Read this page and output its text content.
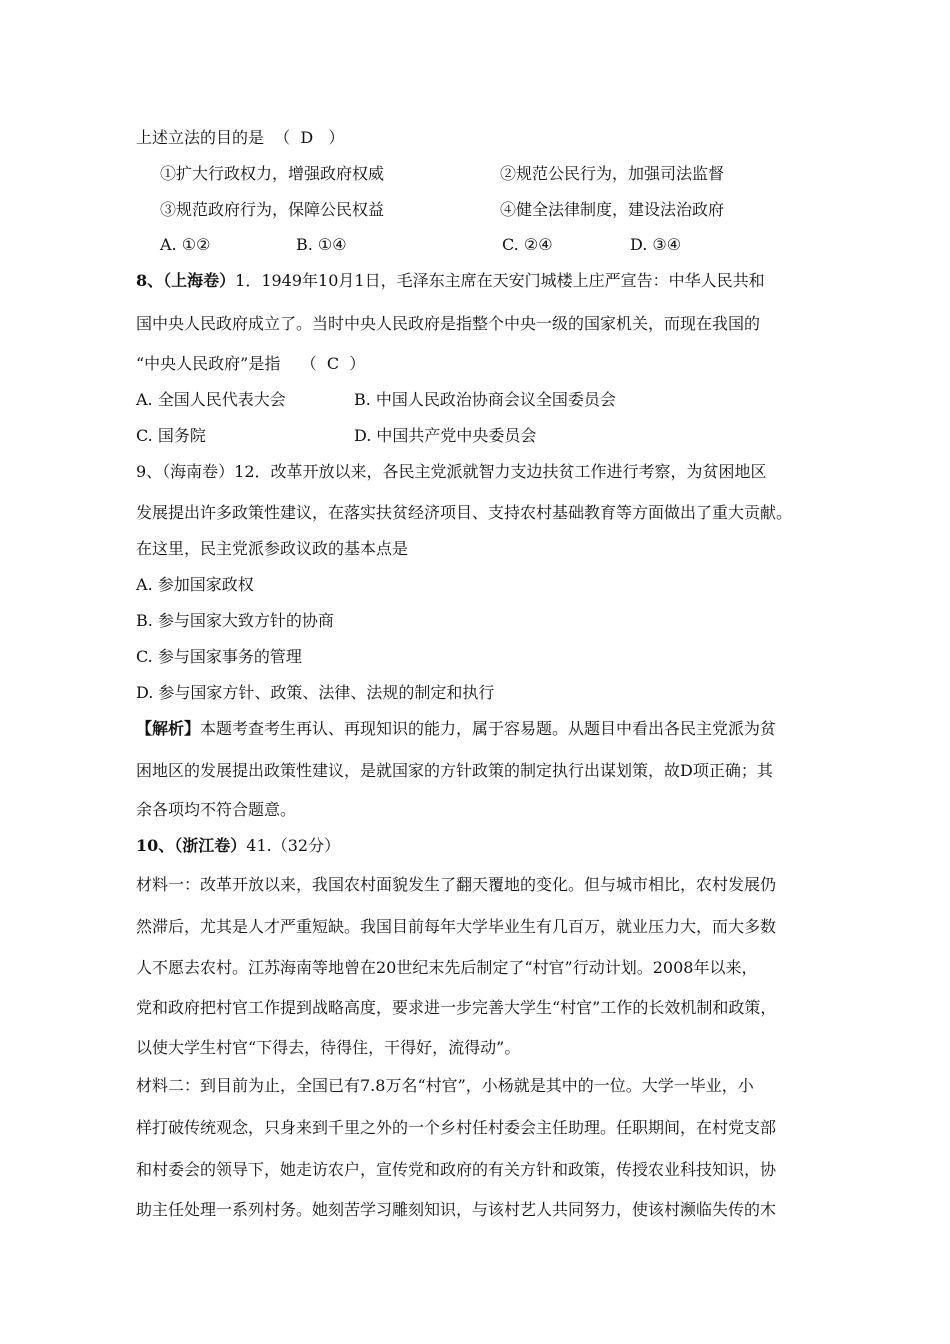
上述立法的目的是  （  D   ）
①扩大行政权力，增强政府权威	②规范公民行为，加强司法监督
③规范政府行为，保障公民权益	④健全法律制度，建设法治政府
A. ①②	B. ①④	C. ②④	D. ③④
8、（上海卷）1．1949年10月1日，毛泽东主席在天安门城楼上庄严宣告：中华人民共和
国中央人民政府成立了。当时中央人民政府是指整个中央一级的国家机关，而现在我国的
“中央人民政府”是指    （  C  ）
A. 全国人民代表大会	B. 中国人民政治协商会议全国委员会
C. 国务院	D. 中国共产党中央委员会
9、（海南卷）12．改革开放以来，各民主党派就智力支边扶贫工作进行考察，为贫困地区
发展提出许多政策性建议，在落实扶贫经济项目、支持农村基础教育等方面做出了重大贡献。
在这里，民主党派参政议政的基本点是
A. 参加国家政权
B. 参与国家大致方针的协商
C. 参与国家事务的管理
D. 参与国家方针、政策、法律、法规的制定和执行
【解析】本题考查考生再认、再现知识的能力，属于容易题。从题目中看出各民主党派为贫
困地区的发展提出政策性建议，是就国家的方针政策的制定执行出谋划策，故D项正确；其
余各项均不符合题意。
10、（浙江卷）41.（32分）
材料一：改革开放以来，我国农村面貌发生了翻天覆地的变化。但与城市相比，农村发展仍
然滞后，尤其是人才严重短缺。我国目前每年大学毕业生有几百万，就业压力大，而大多数
人不愿去农村。江苏海南等地曾在20世纪末先后制定了“村官”行动计划。2008年以来，
党和政府把村官工作提到战略高度，要求进一步完善大学生“村官”工作的长效机制和政策，
以使大学生村官“下得去，待得住，干得好，流得动”。
材料二：到目前为止，全国已有7.8万名“村官”，小杨就是其中的一位。大学一毕业，小
样打破传统观念，只身来到千里之外的一个乡村任村委会主任助理。任职期间，在村党支部
和村委会的领导下，她走访农户，宣传党和政府的有关方针和政策，传授农业科技知识，协
助主任处理一系列村务。她刻苦学习雕刻知识，与该村艺人共同努力，使该村濒临失传的木
